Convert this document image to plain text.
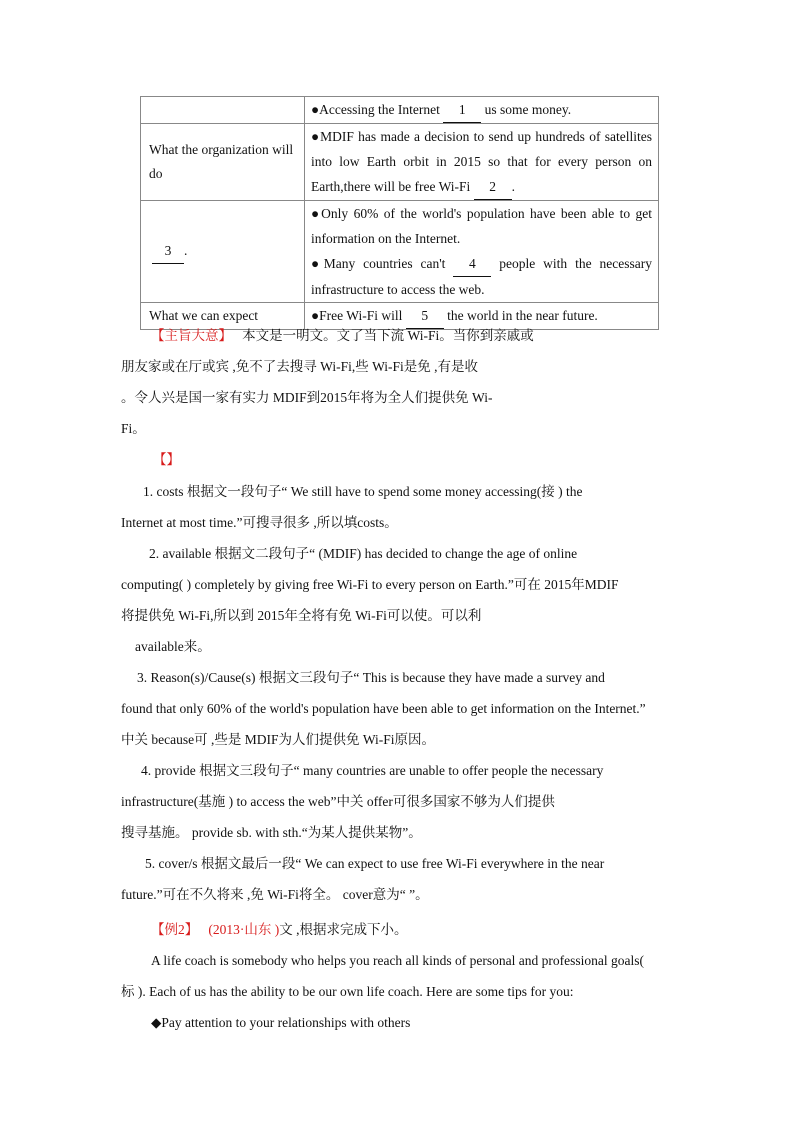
	●Accessing the Internet 1 us some money.
What the organization will do	●MDIF has made a decision to send up hundreds of satellites into low Earth orbit in 2015 so that for every person on Earth,there will be free Wi-Fi 2 .
3 .	●Only 60% of the world's population have been able to get information on the Internet.
●Many countries can't 4 people with the necessary infrastructure to access the web.

What we can expect	●Free Wi-Fi will 5 the world in the near future.
【主旨大意】 本文是一明文。文了当下流 Wi-Fi。当你到亲戚或
朋友家或在厅或宾 ,免不了去搜寻 Wi-Fi,些 Wi-Fi是免 ,有是收
。令人兴是国一家有实力 MDIF到2015年将为全人们提供免 Wi-
Fi。
【】
1. costs 根据文一段句子“ We still have to spend some money accessing(接 ) the
Internet at most time.”可搜寻很多 ,所以填costs。
2. available 根据文二段句子“ (MDIF) has decided to change the age of online
computing( ) completely by giving free Wi-Fi to every person on Earth.”可在 2015年MDIF
将提供免 Wi-Fi,所以到 2015年全将有免 Wi-Fi可以使。可以利
available来。
3. Reason(s)/Cause(s) 根据文三段句子“ This is because they have made a survey and
found that only 60% of the world's population have been able to get information on the Internet.”
中关 because可 ,些是 MDIF为人们提供免 Wi-Fi原因。
4. provide 根据文三段句子“ many countries are unable to offer people the necessary
infrastructure(基施 ) to access the web”中关 offer可很多国家不够为人们提供
搜寻基施。 provide sb. with sth.“为某人提供某物”。
5. cover/s 根据文最后一段“ We can expect to use free Wi-Fi everywhere in the near
future.”可在不久将来 ,免 Wi-Fi将全。 cover意为“ ”。
【例2】 (2013·山东 )文 ,根据求完成下小。
A life coach is somebody who helps you reach all kinds of personal and professional goals(
标 ). Each of us has the ability to be our own life coach. Here are some tips for you:
◆Pay attention to your relationships with others
